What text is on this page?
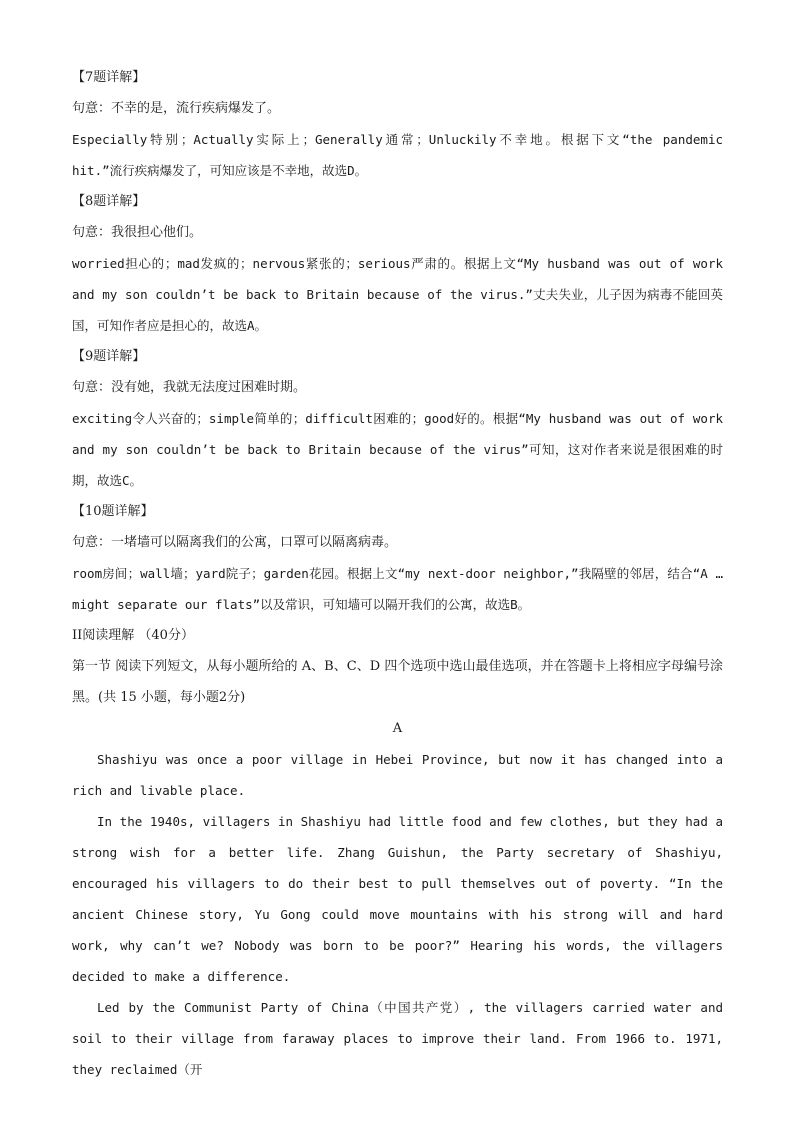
【7题详解】
句意：不幸的是，流行疾病爆发了。
Especially特别；Actually实际上；Generally通常；Unluckily不幸地。根据下文“the pandemic hit.”流行疾病爆发了，可知应该是不幸地，故选D。
【8题详解】
句意：我很担心他们。
worried担心的；mad发疯的；nervous紧张的；serious严肃的。根据上文“My husband was out of work and my son couldn’t be back to Britain because of the virus.”丈夫失业，儿子因为病毒不能回英国，可知作者应是担心的，故选A。
【9题详解】
句意：没有她，我就无法度过困难时期。
exciting令人兴奋的；simple简单的；difficult困难的；good好的。根据“My husband was out of work and my son couldn’t be back to Britain because of the virus”可知，这对作者来说是很困难的时期，故选C。
【10题详解】
句意：一堵墙可以隔离我们的公寓，口罩可以隔离病毒。
room房间；wall墙；yard院子；garden花园。根据上文“my next-door neighbor,”我隔壁的邻居，结合“A … might separate our flats”以及常识，可知墙可以隔开我们的公寓，故选B。
II阅读理解 （40分）
第一节 阅读下列短文，从每小题所给的 A、B、C、D 四个选项中选山最佳选项，并在答题卡上将相应字母编号涂黑。(共 15 小题，每小题2分)
A
Shashiyu was once a poor village in Hebei Province, but now it has changed into a rich and livable place.
In the 1940s, villagers in Shashiyu had little food and few clothes, but they had a strong wish for a better life. Zhang Guishun, the Party secretary of Shashiyu, encouraged his villagers to do their best to pull themselves out of poverty. “In the ancient Chinese story, Yu Gong could move mountains with his strong will and hard work, why can’t we? Nobody was born to be poor?” Hearing his words, the villagers decided to make a difference.
Led by the Communist Party of China（中国共产党）, the villagers carried water and soil to their village from faraway places to improve their land. From 1966 to. 1971, they reclaimed（开
